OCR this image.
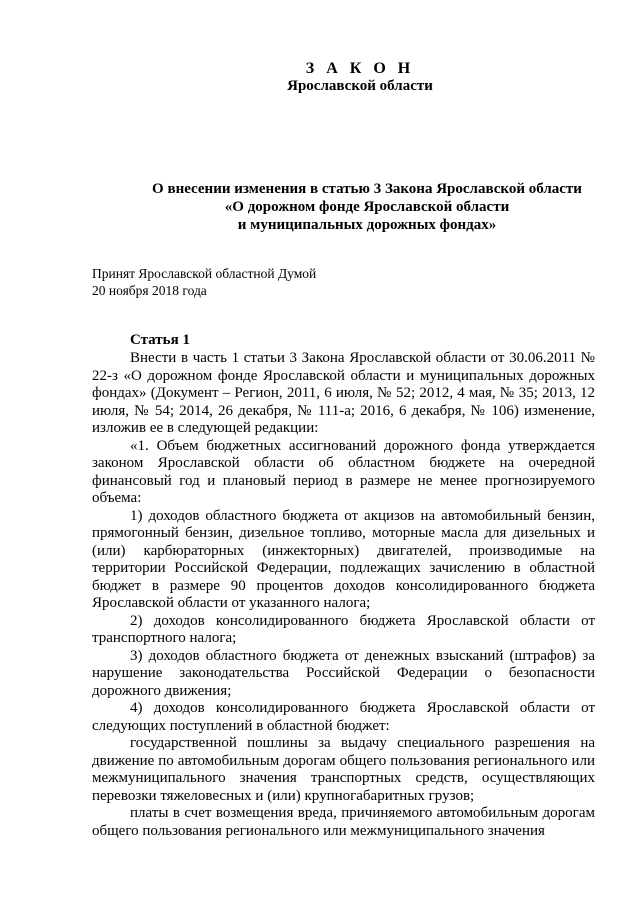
З А К О Н
Ярославской области
О внесении изменения в статью 3 Закона Ярославской области
«О дорожном фонде Ярославской области
и муниципальных дорожных фондах»
Принят Ярославской областной Думой
20 ноября 2018 года
Статья 1

Внести в часть 1 статьи 3 Закона Ярославской области от 30.06.2011 № 22-з «О дорожном фонде Ярославской области и муниципальных дорожных фондах» (Документ – Регион, 2011, 6 июля, № 52; 2012, 4 мая, № 35; 2013, 12 июля, № 54; 2014, 26 декабря, № 111-а; 2016, 6 декабря, № 106) изменение, изложив ее в следующей редакции:

«1. Объем бюджетных ассигнований дорожного фонда утверждается законом Ярославской области об областном бюджете на очередной финансовый год и плановый период в размере не менее прогнозируемого объема:

1) доходов областного бюджета от акцизов на автомобильный бензин, прямогонный бензин, дизельное топливо, моторные масла для дизельных и (или) карбюраторных (инжекторных) двигателей, производимые на территории Российской Федерации, подлежащих зачислению в областной бюджет в размере 90 процентов доходов консолидированного бюджета Ярославской области от указанного налога;

2) доходов консолидированного бюджета Ярославской области от транспортного налога;

3) доходов областного бюджета от денежных взысканий (штрафов) за нарушение законодательства Российской Федерации о безопасности дорожного движения;

4) доходов консолидированного бюджета Ярославской области от следующих поступлений в областной бюджет:

государственной пошлины за выдачу специального разрешения на движение по автомобильным дорогам общего пользования регионального или межмуниципального значения транспортных средств, осуществляющих перевозки тяжеловесных и (или) крупногабаритных грузов;

платы в счет возмещения вреда, причиняемого автомобильным дорогам общего пользования регионального или межмуниципального значения
